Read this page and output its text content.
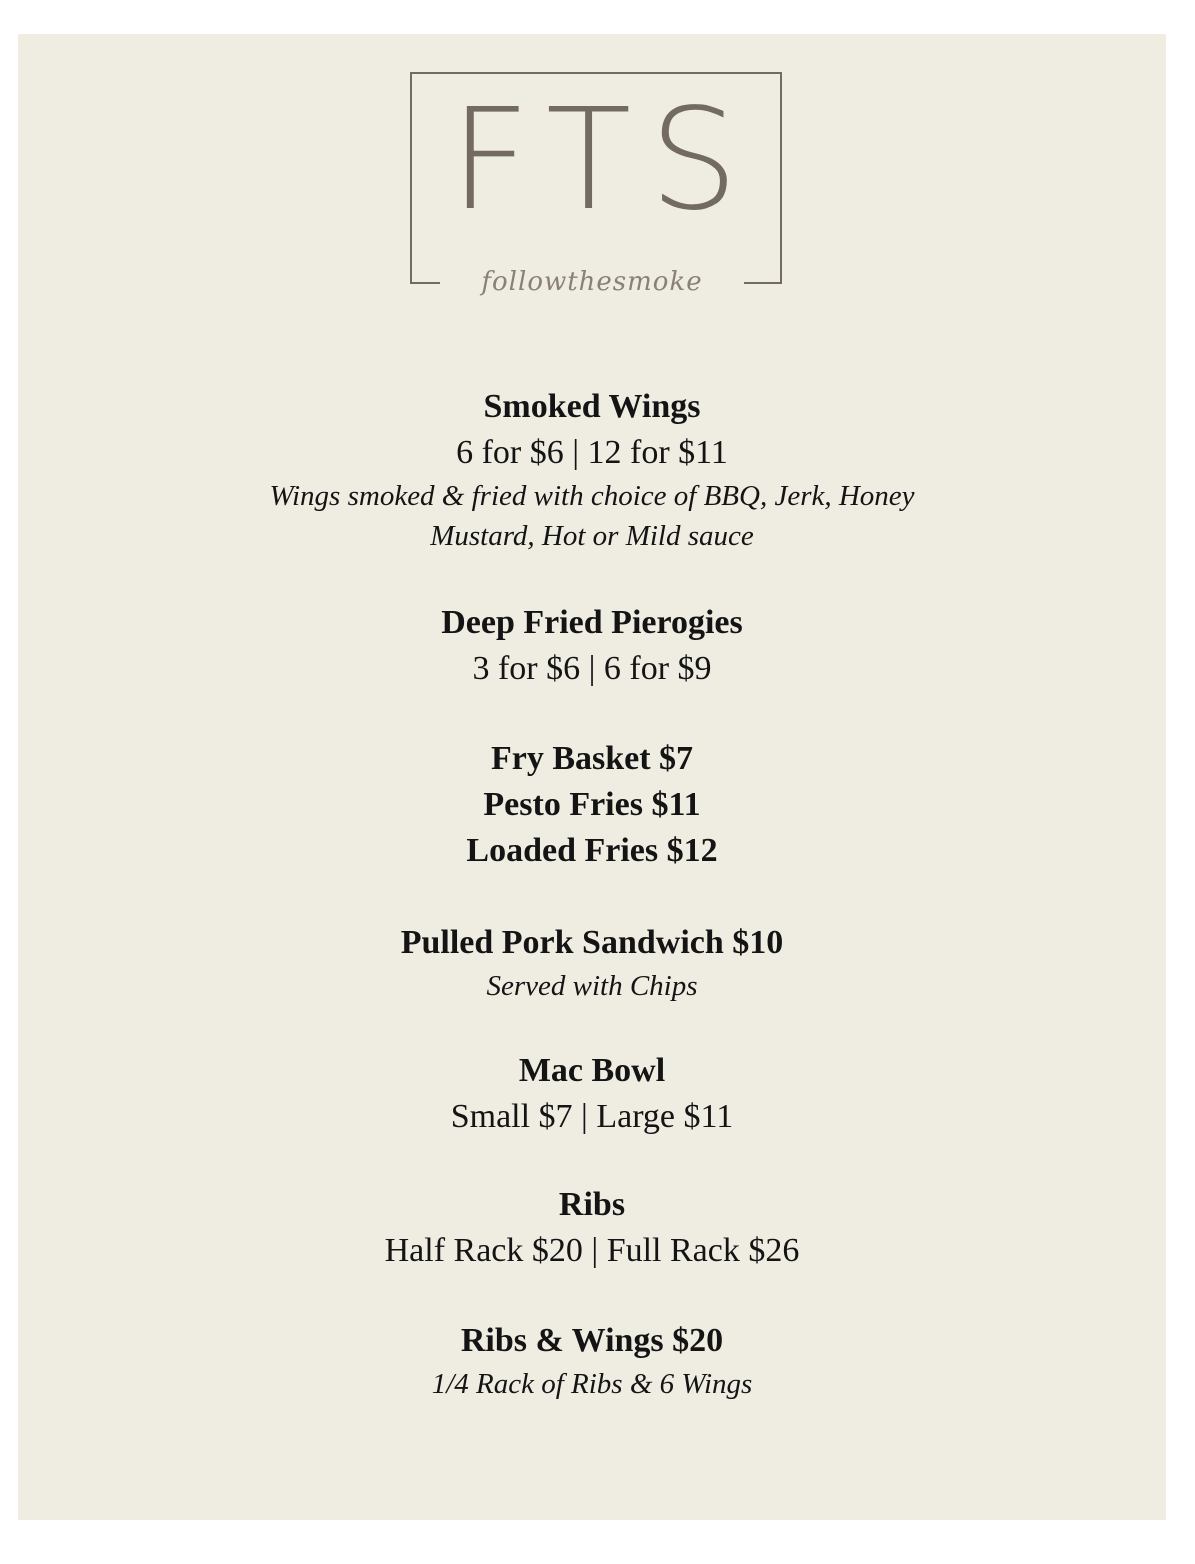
FTS
followthesmoke

Smoked Wings

6 for $6 | 12 for $11

Wings smoked & fried with choice of BBQ, Jerk, Honey

Mustard, Hot or Mild sauce

Deep Fried Pierogies

3 for $6 | 6 for $9

Fry Basket $7

Pesto Fries $11

Loaded Fries $12

Pulled Pork Sandwich $10

Served with Chips

Mac Bowl

Small $7 | Large $11

Ribs

Half Rack $20 | Full Rack $26

Ribs & Wings $20

1/4 Rack of Ribs & 6 Wings
